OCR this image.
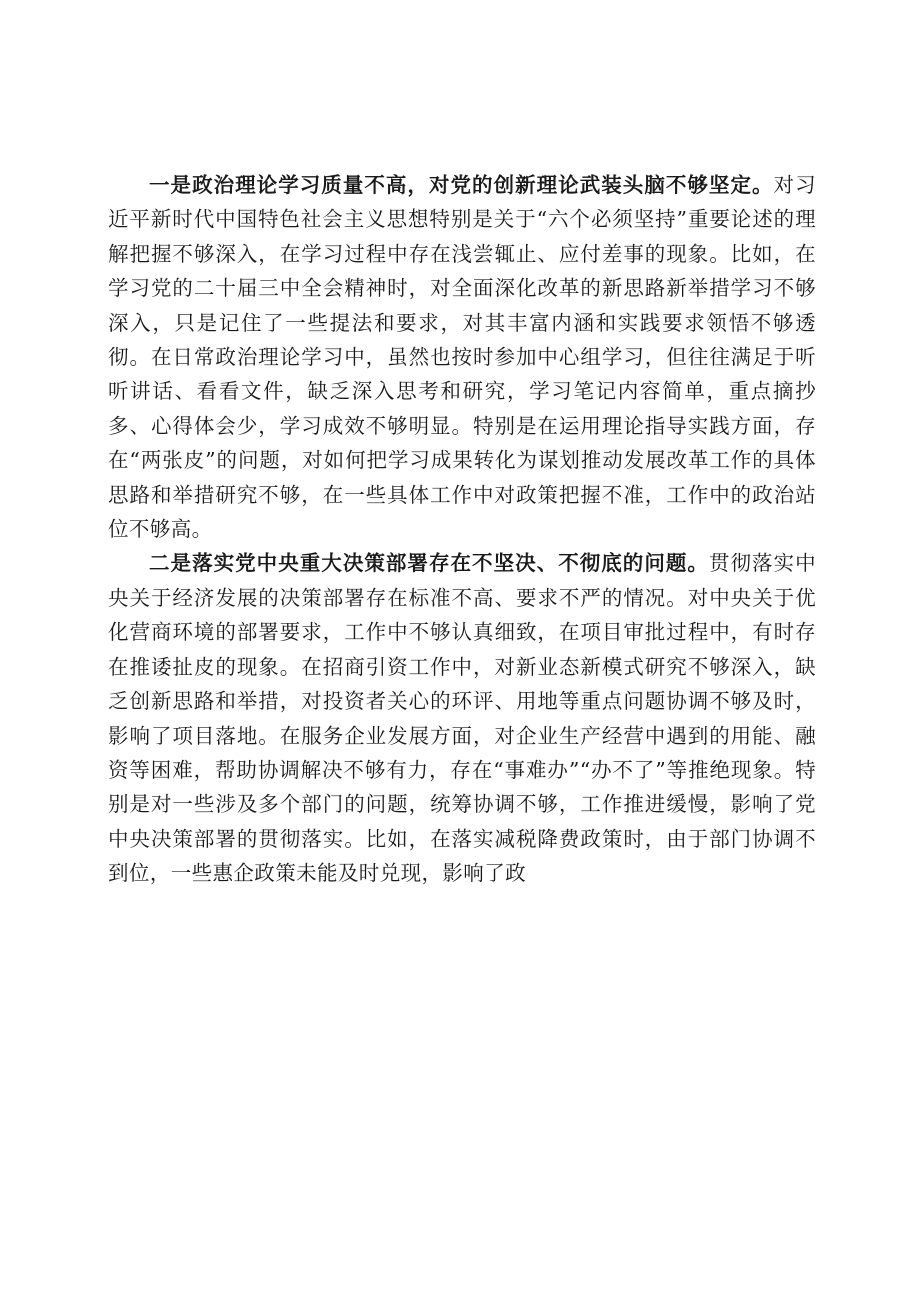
一是政治理论学习质量不高，对党的创新理论武装头脑不够坚定。对习近平新时代中国特色社会主义思想特别是关于“六个必须坚持”重要论述的理解把握不够深入，在学习过程中存在浅尝辄止、应付差事的现象。比如，在学习党的二十届三中全会精神时，对全面深化改革的新思路新举措学习不够深入，只是记住了一些提法和要求，对其丰富内涵和实践要求领悟不够透彻。在日常政治理论学习中，虽然也按时参加中心组学习，但往往满足于听听讲话、看看文件，缺乏深入思考和研究，学习笔记内容简单，重点摘抄多、心得体会少，学习成效不够明显。特别是在运用理论指导实践方面，存在“两张皮”的问题，对如何把学习成果转化为谋划推动发展改革工作的具体思路和举措研究不够，在一些具体工作中对政策把握不准，工作中的政治站位不够高。

二是落实党中央重大决策部署存在不坚决、不彻底的问题。贯彻落实中央关于经济发展的决策部署存在标准不高、要求不严的情况。对中央关于优化营商环境的部署要求，工作中不够认真细致，在项目审批过程中，有时存在推诿扯皮的现象。在招商引资工作中，对新业态新模式研究不够深入，缺乏创新思路和举措，对投资者关心的环评、用地等重点问题协调不够及时，影响了项目落地。在服务企业发展方面，对企业生产经营中遇到的用能、融资等困难，帮助协调解决不够有力，存在“事难办”“办不了”等推绝现象。特别是对一些涉及多个部门的问题，统筹协调不够，工作推进缓慢，影响了党中央决策部署的贯彻落实。比如，在落实减税降费政策时，由于部门协调不到位，一些惠企政策未能及时兑现，影响了政
